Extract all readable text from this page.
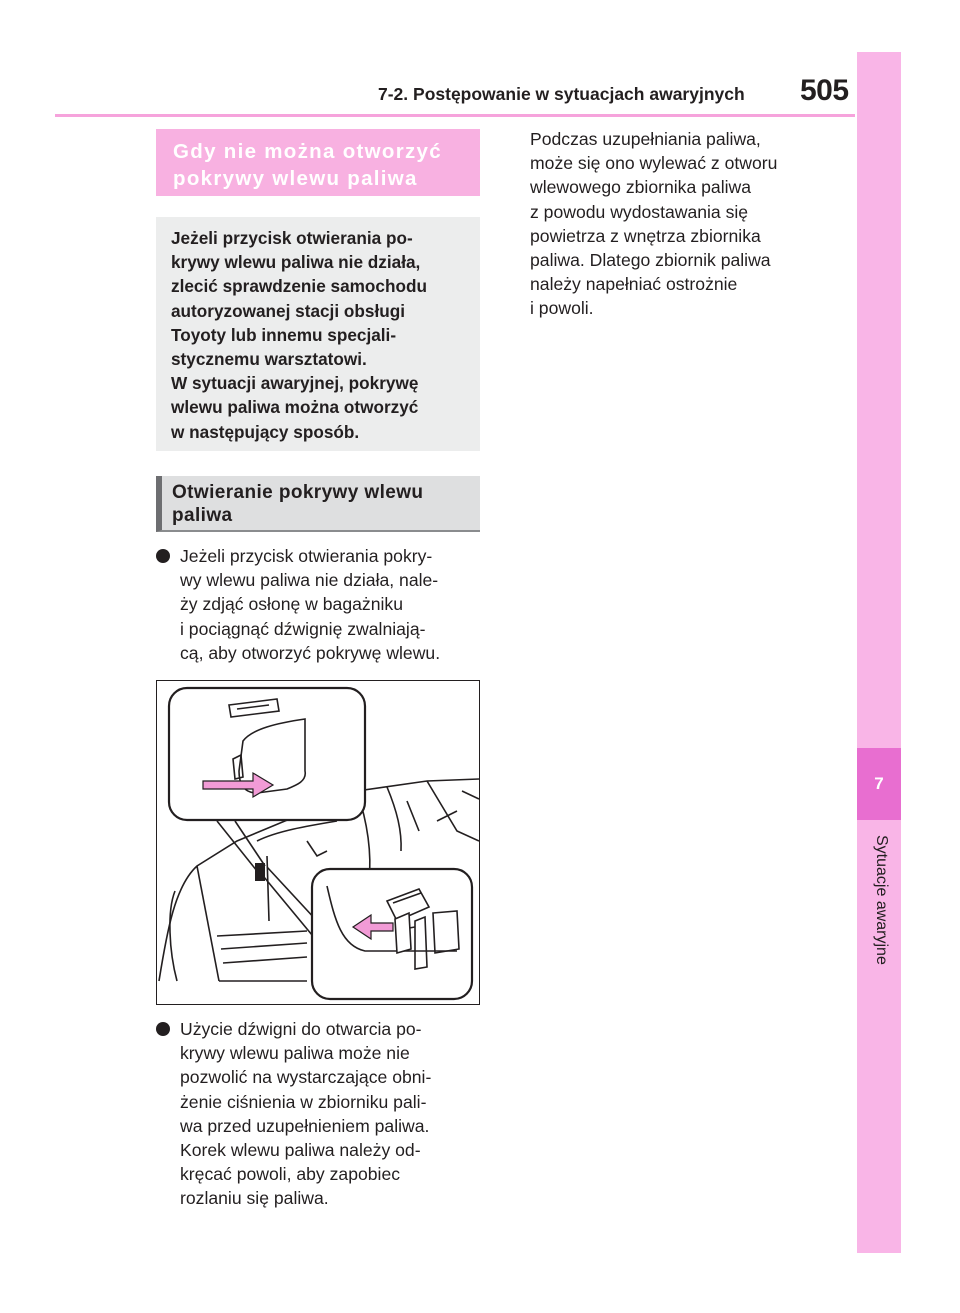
7-2. Postępowanie w sytuacjach awaryjnych	505
7
Sytuacje awaryjne
Gdy nie można otworzyć
pokrywy wlewu paliwa
Jeżeli przycisk otwierania po-
krywy wlewu paliwa nie działa,
zlecić sprawdzenie samochodu
autoryzowanej stacji obsługi
Toyoty lub innemu specjali-
stycznemu warsztatowi.
W sytuacji awaryjnej, pokrywę
wlewu paliwa można otworzyć
w następujący sposób.
Otwieranie pokrywy wlewu
paliwa
Jeżeli przycisk otwierania pokry-
wy wlewu paliwa nie działa, nale-
ży zdjąć osłonę w bagażniku
i pociągnąć dźwignię zwalniają-
cą, aby otworzyć pokrywę wlewu.
Użycie dźwigni do otwarcia po-
krywy wlewu paliwa może nie
pozwolić na wystarczające obni-
żenie ciśnienia w zbiorniku pali-
wa przed uzupełnieniem paliwa.
Korek wlewu paliwa należy od-
kręcać powoli, aby zapobiec
rozlaniu się paliwa.
Podczas uzupełniania paliwa,
może się ono wylewać z otworu
wlewowego zbiornika paliwa
z powodu wydostawania się
powietrza z wnętrza zbiornika
paliwa. Dlatego zbiornik paliwa
należy napełniać ostrożnie
i powoli.
